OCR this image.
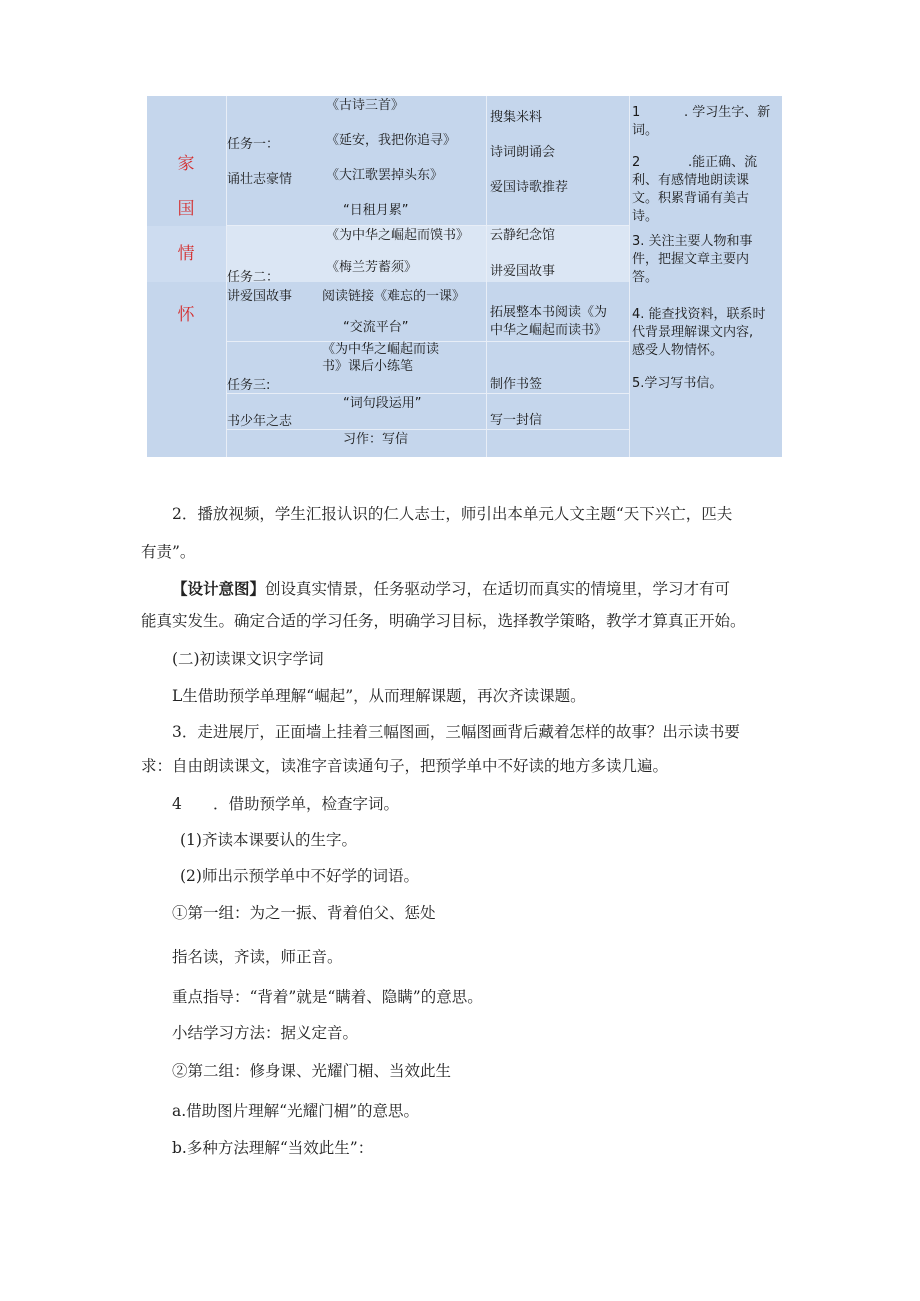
家
国
情
怀
任务一：
诵壮志豪情
《古诗三首》
《延安，我把你追寻》
《大江歌罢掉头东》
“日租月累”
搜集米料
诗词朗诵会
爱国诗歌推荐
任务二：
讲爱国故事
《为中华之崛起而馍书》
《梅兰芳蓄须》
阅读链接《难忘的一课》
“交流平台”
云静纪念馆
讲爱国故事
拓展整本书阅读《为
中华之崛起而读书》
任务三:
书少年之志
《为中华之崛起而读
书》课后小练笔
“词句段运用”
习作：写信
制作书签
写一封信
1	. 学习生字、新
词。
2	.能正确、流
利、有感情地朗读课
文。积累背诵有美古
诗。
3. 关注主要人物和事
件，把握文章主要内
答。
4. 能查找资料，联系时
代背景理解课文内容,
感受人物情怀。
5.学习写书信。
2．播放视频，学生汇报认识的仁人志士，师引出本单元人文主题“天下兴亡，匹夫
有责”。
【设计意图】创设真实情景，任务驱动学习，在适切而真实的情境里，学习才有可
能真实发生。确定合适的学习任务，明确学习目标，选择教学策略，教学才算真正开始。
(二)初读课文识字学词
L生借助预学单理解“崛起”，从而理解课题，再次齐读课题。
3．走进展厅，正面墙上挂着三幅图画，三幅图画背后藏着怎样的故事？出示读书要
求：自由朗读课文，读准字音读通句子，把预学单中不好读的地方多读几遍。
4 ．借助预学单，检查字词。
(1)齐读本课要认的生字。
(2)师出示预学单中不好学的词语。
①第一组：为之一振、背着伯父、惩处
指名读，齐读，师正音。
重点指导：“背着”就是“瞒着、隐瞒”的意思。
小结学习方法：据义定音。
②第二组：修身课、光耀门楣、当效此生
a.借助图片理解“光耀门楣”的意思。
b.多种方法理解“当效此生”：
